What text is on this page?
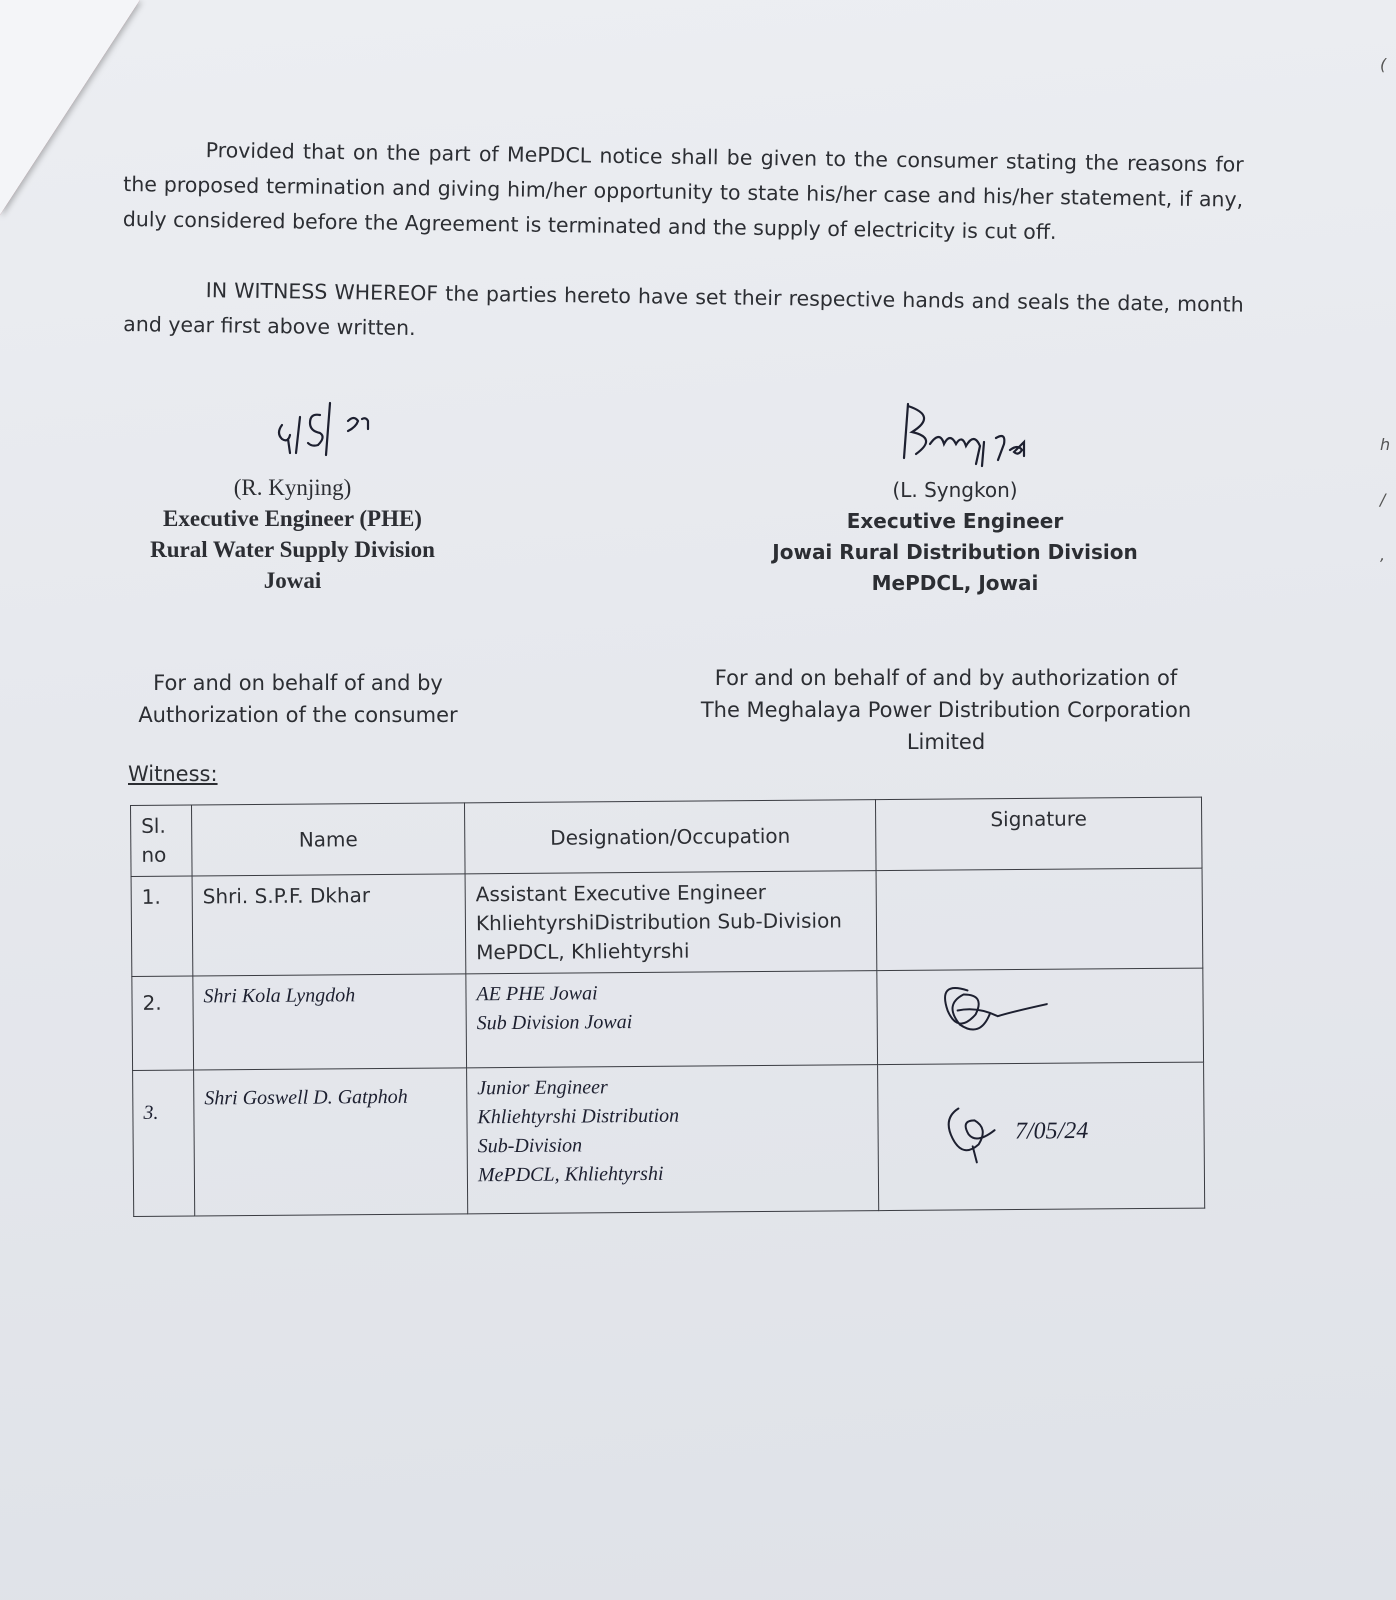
(
h
/
,

Provided that on the part of MePDCL notice shall be given to the consumer stating the reasons for the proposed termination and giving him/her opportunity to state his/her case and his/her statement, if any, duly considered before the Agreement is terminated and the supply of electricity is cut off.

IN WITNESS WHEREOF the parties hereto have set their respective hands and seals the date, month and year first above written.

(R. Kynjing)
Executive Engineer (PHE)
Rural Water Supply Division
Jowai
(L. Syngkon)
Executive Engineer
Jowai Rural Distribution Division
MePDCL, Jowai
For and on behalf of and by
Authorization of the consumer
For and on behalf of and by authorization of
The Meghalaya Power Distribution Corporation Limited
Witness:
Sl. no	Name	Designation/Occupation	Signature
1.	Shri. S.P.F. Dkhar	Assistant Executive Engineer
KhliehtyrshiDistribution Sub-Division
MePDCL, Khliehtyrshi	

2.	Shri Kola Lyngdoh	AE PHE Jowai
Sub Division Jowai

3.	Shri Goswell D. Gatphoh	Junior Engineer
Khliehtyrshi Distribution
Sub-Division
MePDCL, Khliehtyrshi	7/05/24
